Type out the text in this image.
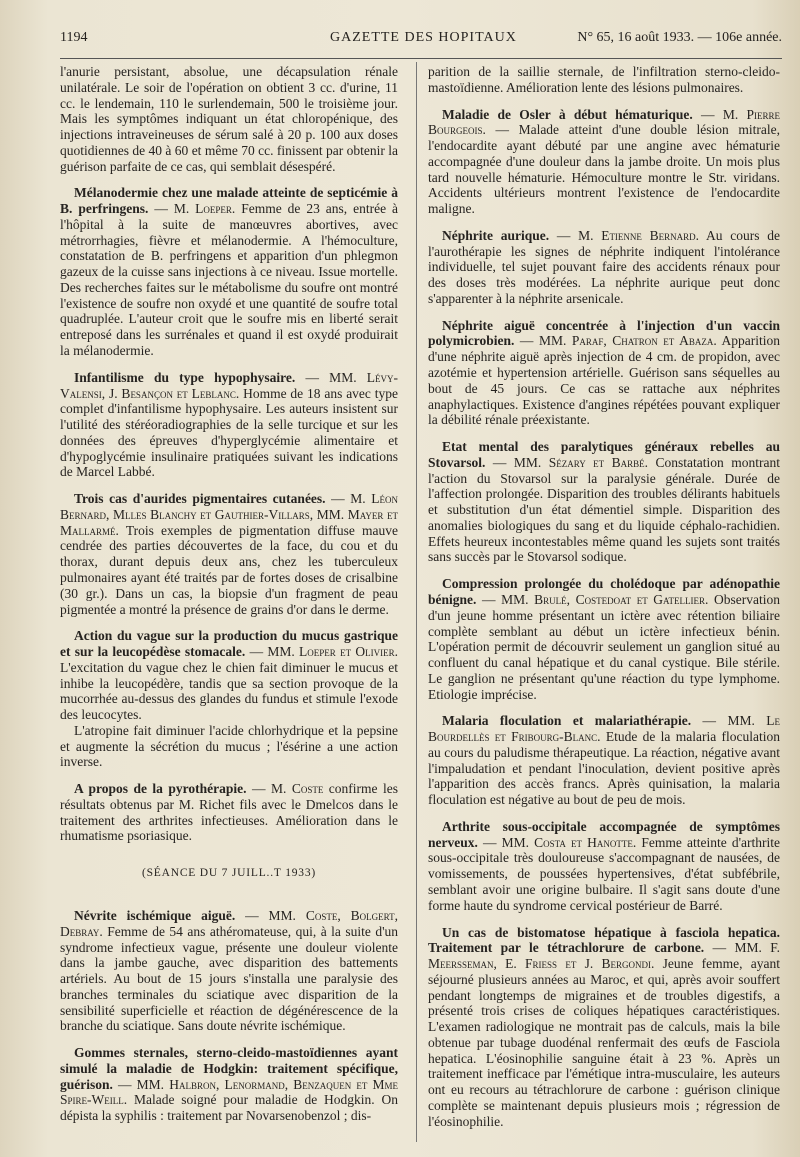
1194	GAZETTE DES HOPITAUX	N° 65, 16 août 1933. — 106e année.

l'anurie persistant, absolue, une décapsulation rénale unilatérale. Le soir de l'opération on obtient 3 cc. d'urine, 11 cc. le lendemain, 110 le surlendemain, 500 le troisième jour. Mais les symptômes indiquant un état chloropénique, des injections intraveineuses de sérum salé à 20 p. 100 aux doses quotidiennes de 40 à 60 et même 70 cc. finissent par obtenir la guérison parfaite de ce cas, qui semblait désespéré.

Mélanodermie chez une malade atteinte de septicémie à B. perfringens. — M. Loeper. Femme de 23 ans, entrée à l'hôpital à la suite de manœuvres abortives, avec métrorrhagies, fièvre et mélanodermie. A l'hémoculture, constatation de B. perfringens et apparition d'un phlegmon gazeux de la cuisse sans injections à ce niveau. Issue mortelle. Des recherches faites sur le métabolisme du soufre ont montré l'existence de soufre non oxydé et une quantité de soufre total quadruplée. L'auteur croit que le soufre mis en liberté serait entreposé dans les surrénales et quand il est oxydé produirait la mélanodermie.

Infantilisme du type hypophysaire. — MM. Lévy-Valensi, J. Besançon et Leblanc. Homme de 18 ans avec type complet d'infantilisme hypophysaire. Les auteurs insistent sur l'utilité des stéréoradiographies de la selle turcique et sur les données des épreuves d'hyperglycémie alimentaire et d'hypoglycémie insulinaire pratiquées suivant les indications de Marcel Labbé.

Trois cas d'aurides pigmentaires cutanées. — M. Léon Bernard, Mlles Blanchy et Gauthier-Villars, MM. Mayer et Mallarmé. Trois exemples de pigmentation diffuse mauve cendrée des parties découvertes de la face, du cou et du thorax, durant depuis deux ans, chez les tuberculeux pulmonaires ayant été traités par de fortes doses de crisalbine (30 gr.). Dans un cas, la biopsie d'un fragment de peau pigmentée a montré la présence de grains d'or dans le derme.

Action du vague sur la production du mucus gastrique et sur la leucopédèse stomacale. — MM. Loeper et Olivier. L'excitation du vague chez le chien fait diminuer le mucus et inhibe la leucopédère, tandis que sa section provoque de la mucorrhée au-dessus des glandes du fundus et stimule l'exode des leucocytes.

L'atropine fait diminuer l'acide chlorhydrique et la pepsine et augmente la sécrétion du mucus ; l'ésérine a une action inverse.

A propos de la pyrothérapie. — M. Coste confirme les résultats obtenus par M. Richet fils avec le Dmelcos dans le traitement des arthrites infectieuses. Amélioration dans le rhumatisme psoriasique.

(SÉANCE DU 7 JUILL..T 1933)

Névrite ischémique aiguë. — MM. Coste, Bolgert, Debray. Femme de 54 ans athéromateuse, qui, à la suite d'un syndrome infectieux vague, présente une douleur violente dans la jambe gauche, avec disparition des battements artériels. Au bout de 15 jours s'installa une paralysie des branches terminales du sciatique avec disparition de la sensibilité superficielle et réaction de dégénérescence de la branche du sciatique. Sans doute névrite ischémique.

Gommes sternales, sterno-cleido-mastoïdiennes ayant simulé la maladie de Hodgkin: traitement spécifique, guérison. — MM. Halbron, Lenormand, Benzaquen et Mme Spire-Weill. Malade soigné pour maladie de Hodgkin. On dépista la syphilis : traitement par Novarsenobenzol ; dis-

parition de la saillie sternale, de l'infiltration sterno-cleido-mastoïdienne. Amélioration lente des lésions pulmonaires.

Maladie de Osler à début hématurique. — M. Pierre Bourgeois. — Malade atteint d'une double lésion mitrale, l'endocardite ayant débuté par une angine avec hématurie accompagnée d'une douleur dans la jambe droite. Un mois plus tard nouvelle hématurie. Hémoculture montre le Str. viridans. Accidents ultérieurs montrent l'existence de l'endocardite maligne.

Néphrite aurique. — M. Etienne Bernard. Au cours de l'aurothérapie les signes de néphrite indiquent l'intolérance individuelle, tel sujet pouvant faire des accidents rénaux pour des doses très modérées. La néphrite aurique peut donc s'apparenter à la néphrite arsenicale.

Néphrite aiguë concentrée à l'injection d'un vaccin polymicrobien. — MM. Paraf, Chatron et Abaza. Apparition d'une néphrite aiguë après injection de 4 cm. de propidon, avec azotémie et hypertension artérielle. Guérison sans séquelles au bout de 45 jours. Ce cas se rattache aux néphrites anaphylactiques. Existence d'angines répétées pouvant expliquer la débilité rénale préexistante.

Etat mental des paralytiques généraux rebelles au Stovarsol. — MM. Sézary et Barbé. Constatation montrant l'action du Stovarsol sur la paralysie générale. Durée de l'affection prolongée. Disparition des troubles délirants habituels et substitution d'un état démentiel simple. Disparition des anomalies biologiques du sang et du liquide céphalo-rachidien. Effets heureux incontestables même quand les sujets sont traités sans succès par le Stovarsol sodique.

Compression prolongée du cholédoque par adénopathie bénigne. — MM. Brulé, Costedoat et Gatellier. Observation d'un jeune homme présentant un ictère avec rétention biliaire complète semblant au début un ictère infectieux bénin. L'opération permit de découvrir seulement un ganglion situé au confluent du canal hépatique et du canal cystique. Bile stérile. Le ganglion ne présentant qu'une réaction du type lymphome. Etiologie imprécise.

Malaria floculation et malariathérapie. — MM. Le Bourdellès et Fribourg-Blanc. Etude de la malaria floculation au cours du paludisme thérapeutique. La réaction, négative avant l'impaludation et pendant l'inoculation, devient positive après l'apparition des accès francs. Après quinisation, la malaria floculation est négative au bout de peu de mois.

Arthrite sous-occipitale accompagnée de symptômes nerveux. — MM. Costa et Hanotte. Femme atteinte d'arthrite sous-occipitale très douloureuse s'accompagnant de nausées, de vomissements, de poussées hypertensives, d'état subfébrile, semblant avoir une origine bulbaire. Il s'agit sans doute d'une forme haute du syndrome cervical postérieur de Barré.

Un cas de bistomatose hépatique à fasciola hepatica. Traitement par le tétrachlorure de carbone. — MM. F. Meersseman, E. Friess et J. Bergondi. Jeune femme, ayant séjourné plusieurs années au Maroc, et qui, après avoir souffert pendant longtemps de migraines et de troubles digestifs, a présenté trois crises de coliques hépatiques caractéristiques. L'examen radiologique ne montrait pas de calculs, mais la bile obtenue par tubage duodénal renfermait des œufs de Fasciola hepatica. L'éosinophilie sanguine était à 23 %. Après un traitement inefficace par l'émétique intra-musculaire, les auteurs ont eu recours au tétrachlorure de carbone : guérison clinique complète se maintenant depuis plusieurs mois ; régression de l'éosinophilie.
